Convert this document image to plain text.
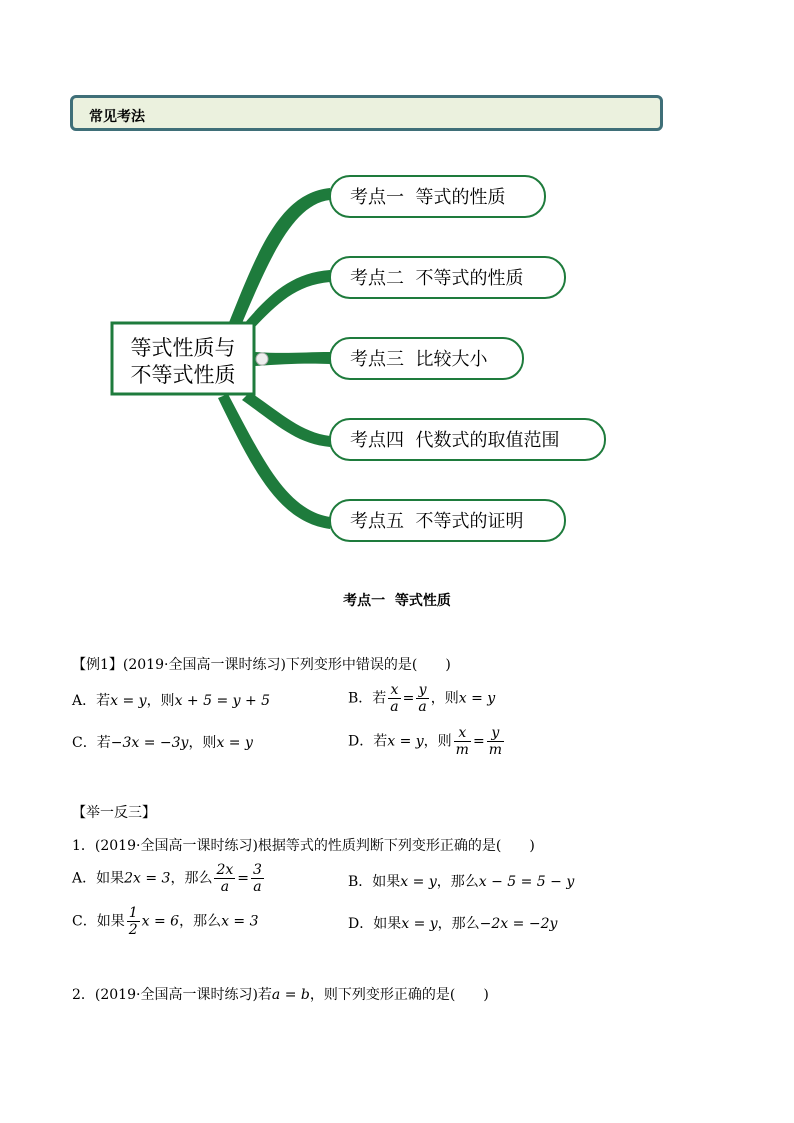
常见考法
等式性质与
不等式性质
考点一  等式的性质
考点二  不等式的性质
考点三  比较大小
考点四  代数式的取值范围
考点五  不等式的证明
考点一  等式性质
【例1】(2019·全国高一课时练习)下列变形中错误的是(　　)
A．若x = y，则x + 5 = y + 5	B．若 $\frac{x}{a} = \frac{y}{a}$ ，则x = y
C．若−3x = −3y，则x = y	D．若x = y，则 $\frac{x}{m} = \frac{y}{m}$
【举一反三】
1．(2019·全国高一课时练习)根据等式的性质判断下列变形正确的是(　　)
A．如果2x = 3，那么 $\frac{2x}{a} = \frac{3}{a}$	B．如果x = y，那么x − 5 = 5 − y
C．如果 $\frac{1}{2}$ x = 6，那么x = 3	D．如果x = y，那么−2x = −2y
2．(2019·全国高一课时练习)若a = b，则下列变形正确的是(　　)
